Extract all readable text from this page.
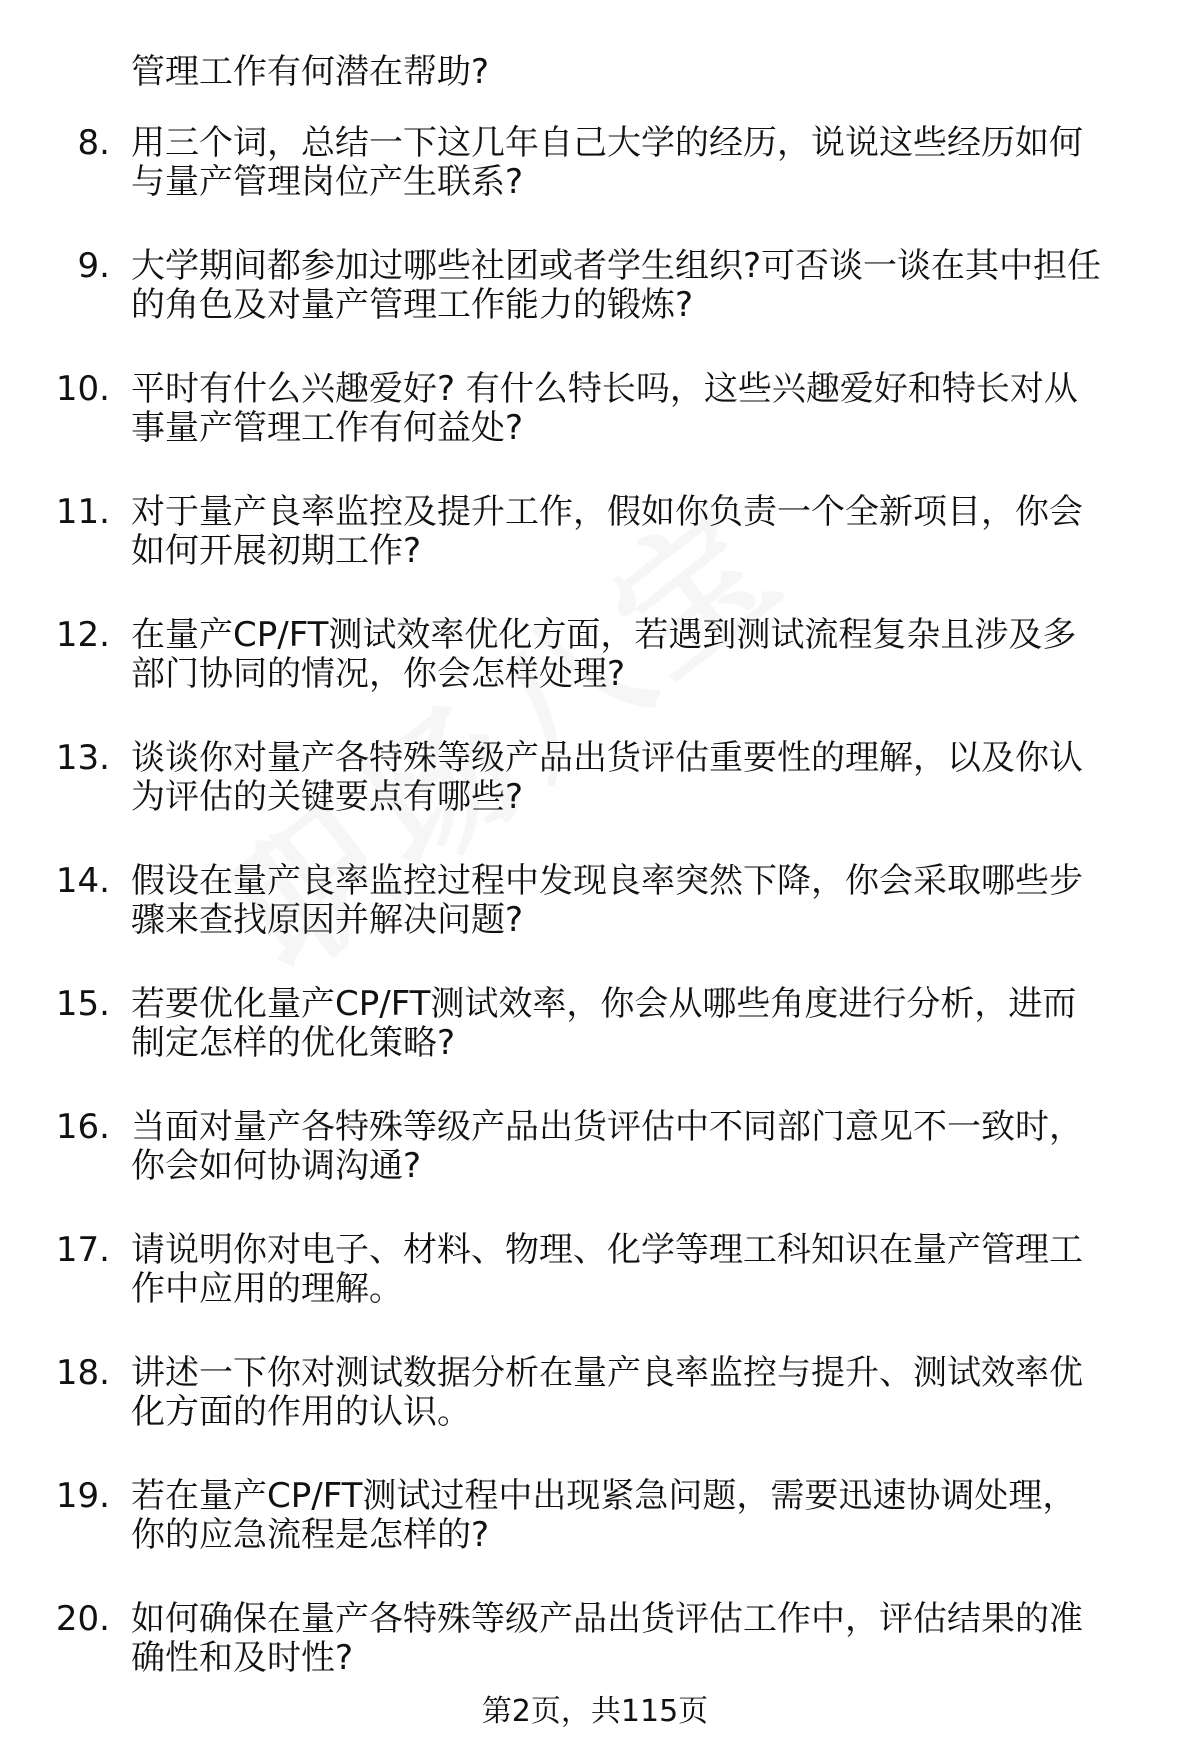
管理工作有何潜在帮助?
8. 用三个词，总结一下这几年自己大学的经历，说说这些经历如何
与量产管理岗位产生联系?
9. 大学期间都参加过哪些社团或者学生组织?可否谈一谈在其中担任
的角色及对量产管理工作能力的锻炼?
10. 平时有什么兴趣爱好? 有什么特长吗，这些兴趣爱好和特长对从
事量产管理工作有何益处?
11. 对于量产良率监控及提升工作，假如你负责一个全新项目，你会
如何开展初期工作?
12. 在量产CP/FT测试效率优化方面，若遇到测试流程复杂且涉及多
部门协同的情况，你会怎样处理?
13. 谈谈你对量产各特殊等级产品出货评估重要性的理解，以及你认
为评估的关键要点有哪些?
14. 假设在量产良率监控过程中发现良率突然下降，你会采取哪些步
骤来查找原因并解决问题?
15. 若要优化量产CP/FT测试效率，你会从哪些角度进行分析，进而
制定怎样的优化策略?
16. 当面对量产各特殊等级产品出货评估中不同部门意见不一致时，
你会如何协调沟通?
17. 请说明你对电子、材料、物理、化学等理工科知识在量产管理工
作中应用的理解。
18. 讲述一下你对测试数据分析在量产良率监控与提升、测试效率优
化方面的作用的认识。
19. 若在量产CP/FT测试过程中出现紧急问题，需要迅速协调处理，
你的应急流程是怎样的?
20. 如何确保在量产各特殊等级产品出货评估工作中，评估结果的准
确性和及时性?
第2页，共115页
